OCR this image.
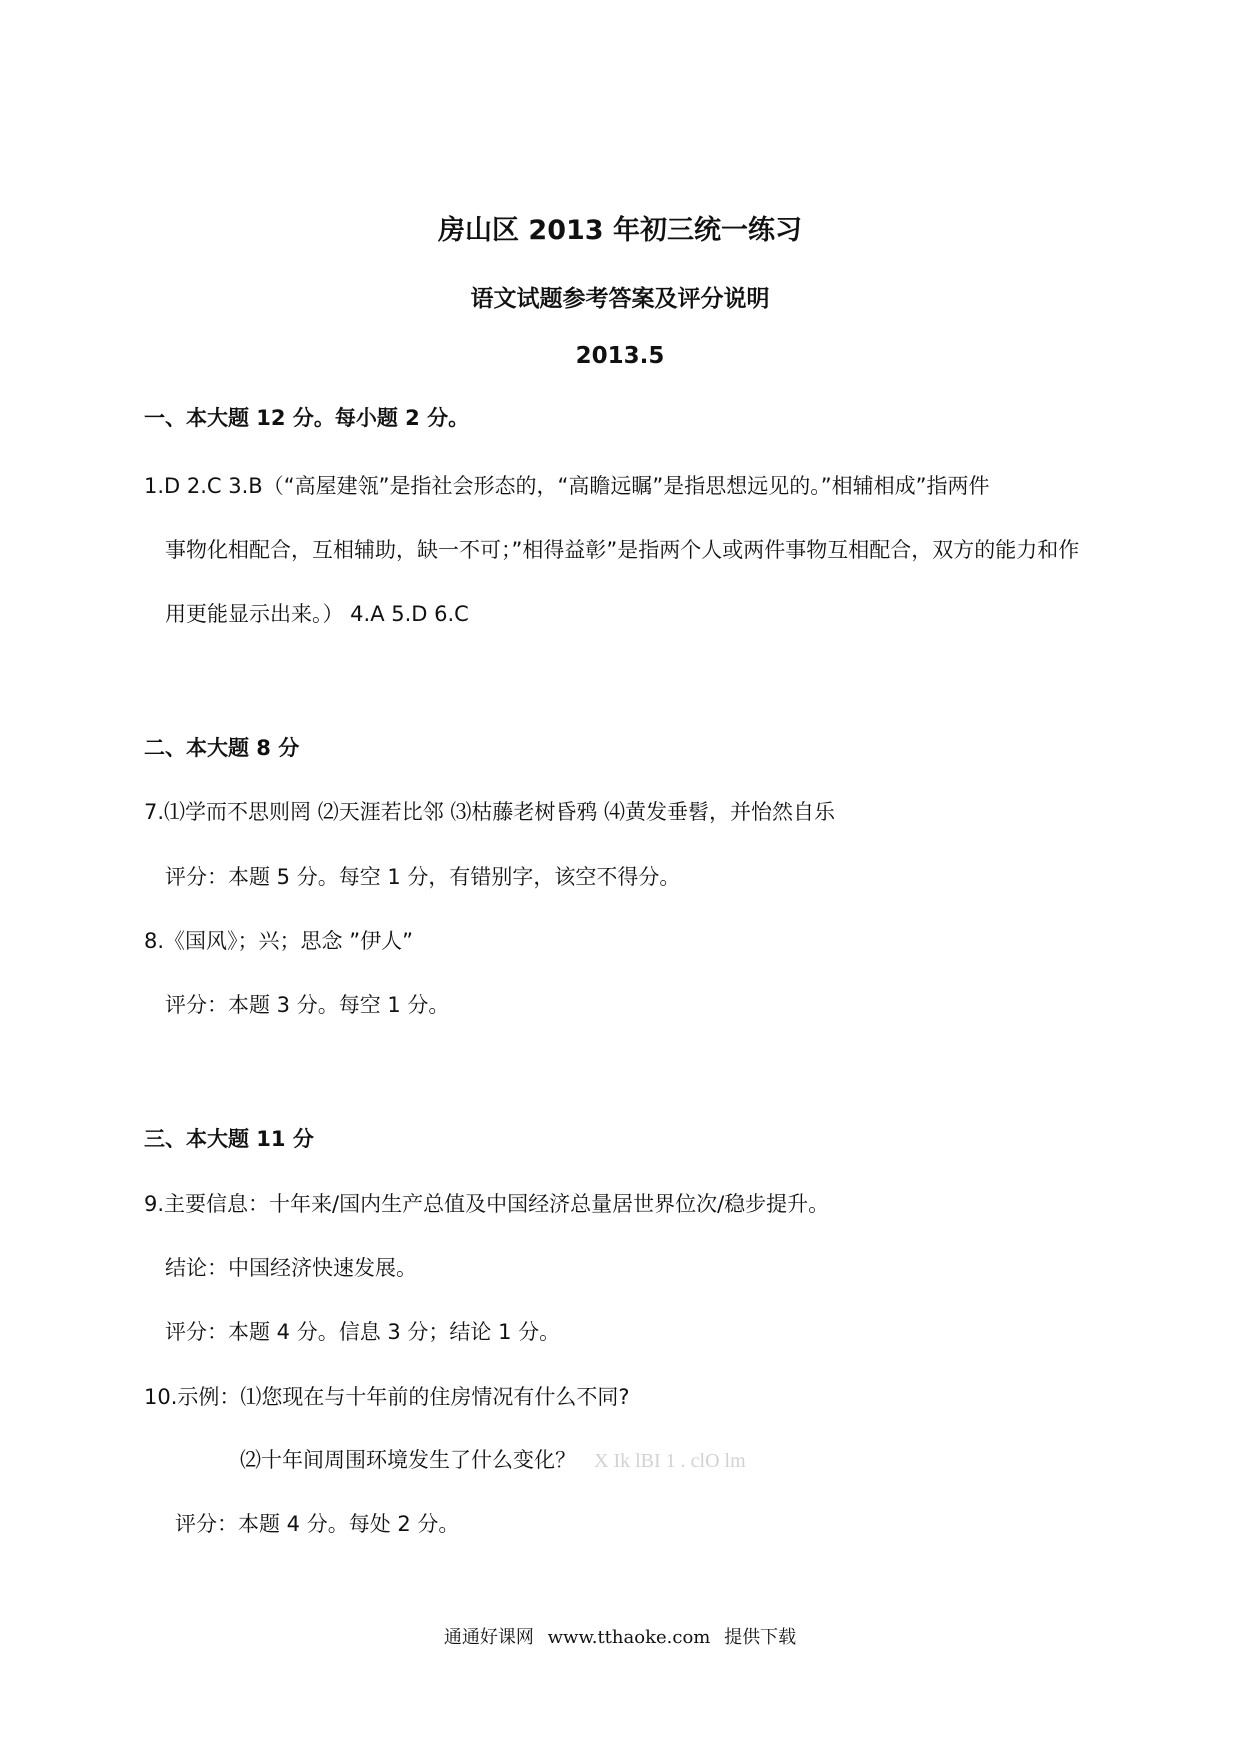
房山区 2013 年初三统一练习
语文试题参考答案及评分说明
2013.5

一、本大题 12 分。每小题 2 分。

1.D 2.C 3.B（“高屋建瓴”是指社会形态的，“高瞻远瞩”是指思想远见的。”相辅相成”指两件

事物化相配合，互相辅助，缺一不可；”相得益彰”是指两个人或两件事物互相配合，双方的能力和作

用更能显示出来。） 4.A 5.D 6.C

二、本大题 8 分

7.⑴学而不思则罔 ⑵天涯若比邻 ⑶枯藤老树昏鸦 ⑷黄发垂髫，并怡然自乐

评分：本题 5 分。每空 1 分，有错别字，该空不得分。

8.《国风》；兴；思念 ”伊人”

评分：本题 3 分。每空 1 分。

三、本大题 11 分

9.主要信息：十年来/国内生产总值及中国经济总量居世界位次/稳步提升。

结论：中国经济快速发展。

评分：本题 4 分。信息 3 分；结论 1 分。

10.示例：⑴您现在与十年前的住房情况有什么不同?

⑵十年间周围环境发生了什么变化？ X Ik lBI 1 . clO lm

评分：本题 4 分。每处 2 分。

通通好课网 www.tthaoke.com 提供下载
